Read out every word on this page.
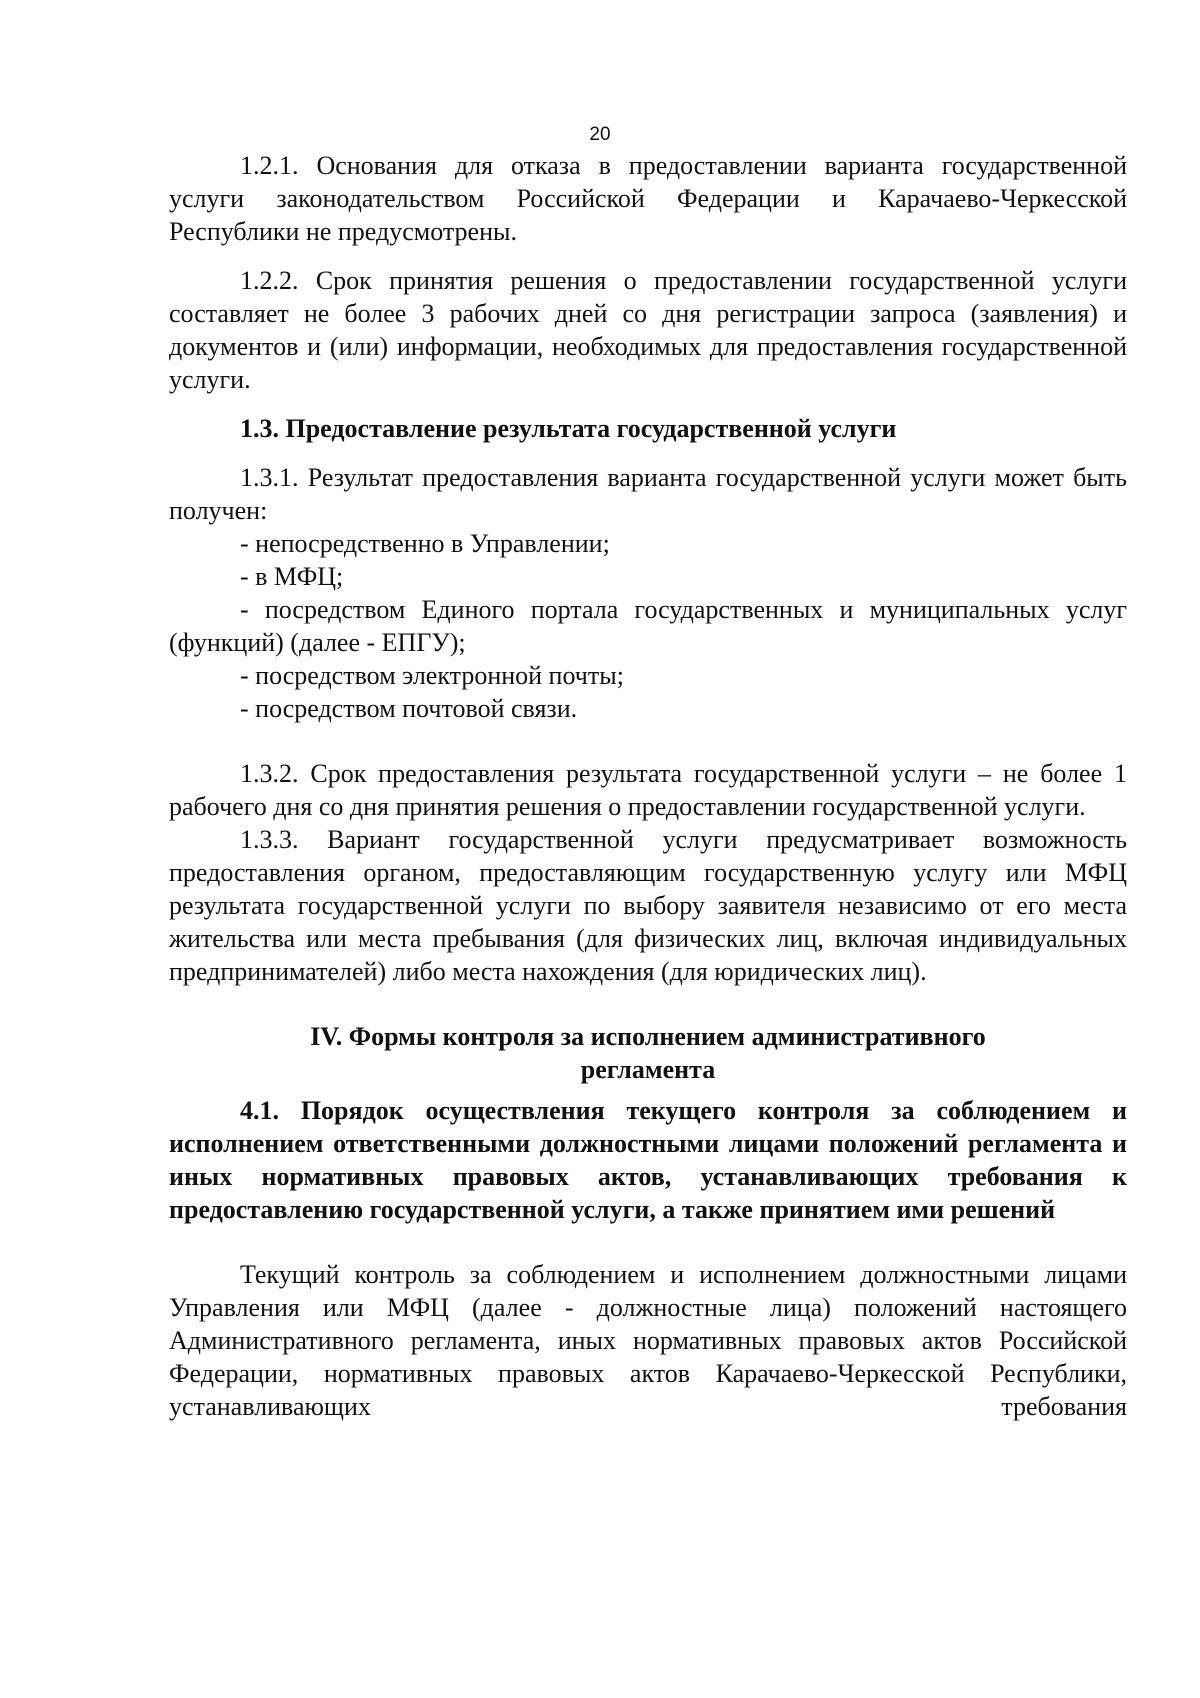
20

1.2.1. Основания для отказа в предоставлении варианта государственной услуги законодательством Российской Федерации и Карачаево-Черкесской Республики не предусмотрены.

1.2.2. Срок принятия решения о предоставлении государственной услуги составляет не более 3 рабочих дней со дня регистрации запроса (заявления) и документов и (или) информации, необходимых для предоставления государственной услуги.

1.3. Предоставление результата государственной услуги

1.3.1. Результат предоставления варианта государственной услуги может быть получен:

- непосредственно в Управлении;

- в МФЦ;

- посредством Единого портала государственных и муниципальных услуг (функций) (далее - ЕПГУ);

- посредством электронной почты;

- посредством почтовой связи.

1.3.2. Срок предоставления результата государственной услуги – не более 1 рабочего дня со дня принятия решения о предоставлении государственной услуги.

1.3.3. Вариант государственной услуги предусматривает возможность предоставления органом, предоставляющим государственную услугу или МФЦ результата государственной услуги по выбору заявителя независимо от его места жительства или места пребывания (для физических лиц, включая индивидуальных предпринимателей) либо места нахождения (для юридических лиц).

IV. Формы контроля за исполнением административного

регламента

4.1. Порядок осуществления текущего контроля за соблюдением и исполнением ответственными должностными лицами положений регламента и иных нормативных правовых актов, устанавливающих требования к предоставлению государственной услуги, а также принятием ими решений

Текущий контроль за соблюдением и исполнением должностными лицами Управления или МФЦ (далее - должностные лица) положений настоящего Административного регламента, иных нормативных правовых актов Российской Федерации, нормативных правовых актов Карачаево-Черкесской Республики, устанавливающих требования
